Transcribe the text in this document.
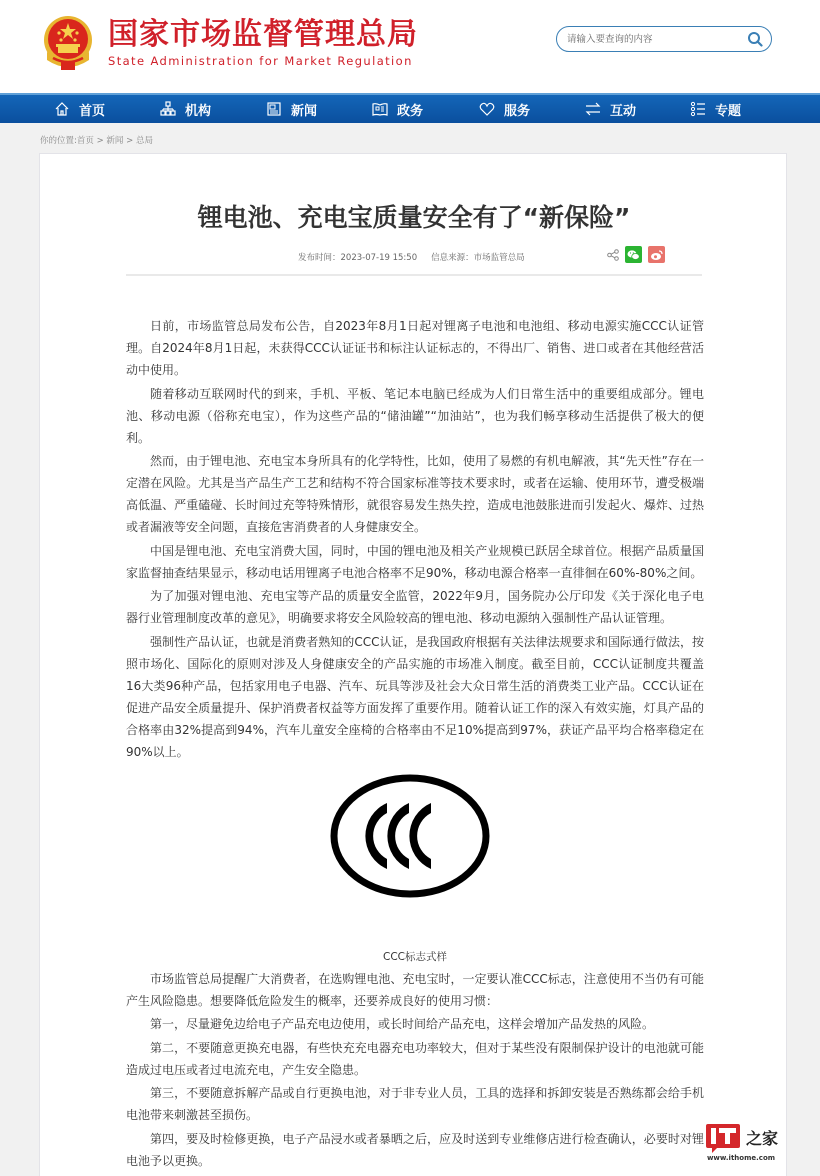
国家市场监督管理总局
State Administration for Market Regulation
请输入要查询的内容
首页	机构	新闻	政务	服务	互动	专题
你的位置:首页 > 新闻 > 总局
锂电池、充电宝质量安全有了“新保险”
发布时间：2023-07-19 15:50 信息来源：市场监管总局

日前，市场监管总局发布公告，自2023年8月1日起对锂离子电池和电池组、移动电源实施CCC认证管理。自2024年8月1日起，未获得CCC认证证书和标注认证标志的，不得出厂、销售、进口或者在其他经营活动中使用。

随着移动互联网时代的到来，手机、平板、笔记本电脑已经成为人们日常生活中的重要组成部分。锂电池、移动电源（俗称充电宝），作为这些产品的“储油罐”“加油站”，也为我们畅享移动生活提供了极大的便利。

然而，由于锂电池、充电宝本身所具有的化学特性，比如，使用了易燃的有机电解液，其“先天性”存在一定潜在风险。尤其是当产品生产工艺和结构不符合国家标准等技术要求时，或者在运输、使用环节，遭受极端高低温、严重磕碰、长时间过充等特殊情形，就很容易发生热失控，造成电池鼓胀进而引发起火、爆炸、过热或者漏液等安全问题，直接危害消费者的人身健康安全。

中国是锂电池、充电宝消费大国，同时，中国的锂电池及相关产业规模已跃居全球首位。根据产品质量国家监督抽查结果显示，移动电话用锂离子电池合格率不足90%，移动电源合格率一直徘徊在60%-80%之间。

为了加强对锂电池、充电宝等产品的质量安全监管，2022年9月，国务院办公厅印发《关于深化电子电器行业管理制度改革的意见》，明确要求将安全风险较高的锂电池、移动电源纳入强制性产品认证管理。

强制性产品认证，也就是消费者熟知的CCC认证，是我国政府根据有关法律法规要求和国际通行做法，按照市场化、国际化的原则对涉及人身健康安全的产品实施的市场准入制度。截至目前，CCC认证制度共覆盖16大类96种产品，包括家用电子电器、汽车、玩具等涉及社会大众日常生活的消费类工业产品。CCC认证在促进产品安全质量提升、保护消费者权益等方面发挥了重要作用。随着认证工作的深入有效实施，灯具产品的合格率由32%提高到94%，汽车儿童安全座椅的合格率由不足10%提高到97%，获证产品平均合格率稳定在90%以上。

CCC标志式样

市场监管总局提醒广大消费者，在选购锂电池、充电宝时，一定要认准CCC标志，注意使用不当仍有可能产生风险隐患。想要降低危险发生的概率，还要养成良好的使用习惯：

第一，尽量避免边给电子产品充电边使用，或长时间给产品充电，这样会增加产品发热的风险。

第二，不要随意更换充电器，有些快充充电器充电功率较大，但对于某些没有限制保护设计的电池就可能造成过电压或者过电流充电，产生安全隐患。

第三，不要随意拆解产品或自行更换电池，对于非专业人员，工具的选择和拆卸安装是否熟练都会给手机电池带来刺激甚至损伤。

第四，要及时检修更换，电子产品浸水或者暴晒之后，应及时送到专业维修店进行检查确认，必要时对锂电池予以更换。

之家
www.ithome.com
